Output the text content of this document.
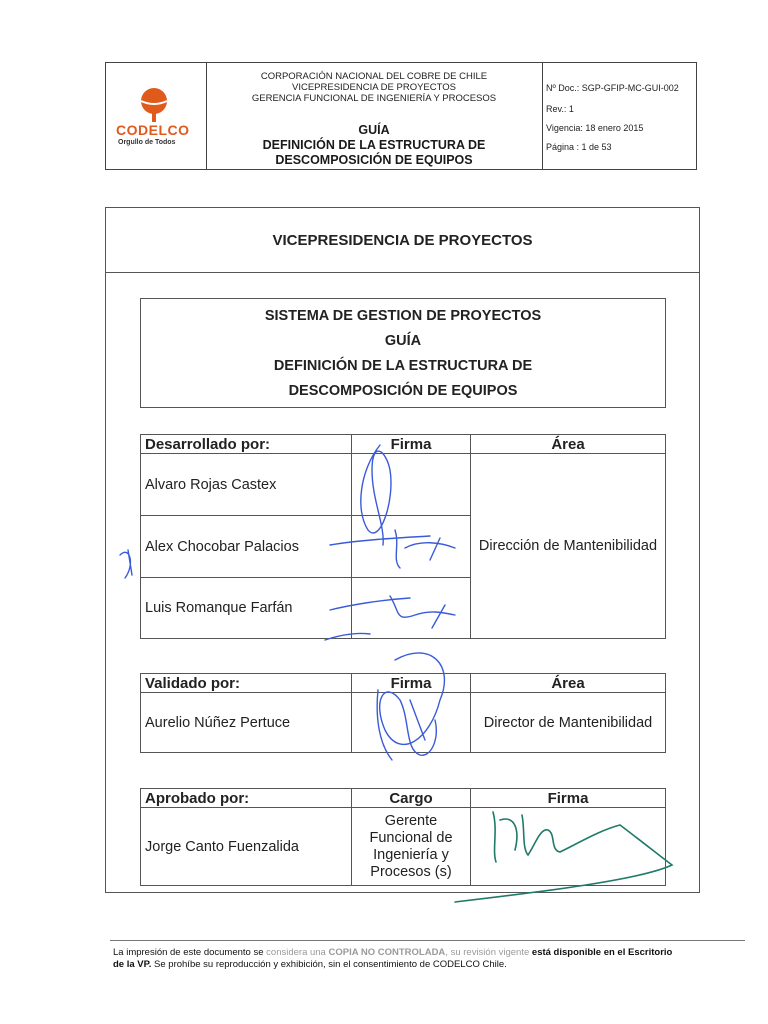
CORPORACIÓN NACIONAL DEL COBRE DE CHILE
VICEPRESIDENCIA DE PROYECTOS
GERENCIA FUNCIONAL DE INGENIERÍA Y PROCESOS
GUÍA
DEFINICIÓN DE LA ESTRUCTURA DE
DESCOMPOSICIÓN DE EQUIPOS
Nº Doc.: SGP-GFIP-MC-GUI-002
Rev.: 1
Vigencia: 18 enero 2015
Página : 1 de 53
CODELCO
Orgullo de Todos
VICEPRESIDENCIA DE PROYECTOS
SISTEMA DE GESTION DE PROYECTOS
GUÍA
DEFINICIÓN DE LA ESTRUCTURA DE
DESCOMPOSICIÓN DE EQUIPOS
Desarrollado por:	Firma	Área
Alvaro Rojas Castex		Dirección de Mantenibilidad
Alex Chocobar Palacios		
Luis Romanque Farfán		
Validado por:	Firma	Área
Aurelio Núñez Pertuce		Director de Mantenibilidad
Aprobado por:	Cargo	Firma
Jorge Canto Fuenzalida	Gerente
Funcional de
Ingeniería y
Procesos (s)	

La impresión de este documento se considera una COPIA NO CONTROLADA, su revisión vigente está disponible en el Escritorio
de la VP. Se prohíbe su reproducción y exhibición, sin el consentimiento de CODELCO Chile.
